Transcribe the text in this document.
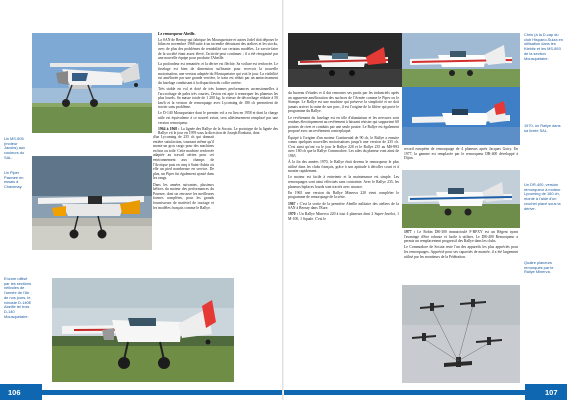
Un MS-505 (moteur Jacobs) aux couleurs du SAL.
Un Piper Pawnee en essais à Chavenay.
Encore utilisé par les sections vélivoles de l'armée de l'Air de nos jours, le robuste D-140E Abeille tel trois D-140 Mousquetaire.

d'un Lycoming de 235 ch qui donnait entière satisfaction, tournant même qu'il monte un gros cargo pour des machines en bon ou toile. Cette machine renforcée adaptée au travail aérien pour cet environnement aux champs de l'Arctique puis en cinq à Saint-Aubin où elle un pied nombreuse en service. De plus, un Piper fut également ajouté dans les rangs.

Dans les années suivantes, plusieurs hélices du moteur des performances du Pawnee, dont on retrouve les meilleures formes complètes, pour les grands fournisseurs de matériel de tractage et les modèles français comme le Rallye.

Le remorqueur Abeille.

La SAN de Bernay qui fabrique les Mousquetaire et autres Jodel doit déposer le bilan en novembre 1968 suite à un incendie détruisant des ateliers et les stocks, avec de plus des problèmes de rentabilité sur certains modèles. Le savoir-faire de la société étant assez élevé, l'activité peut continuer ; il a été réorganisé par une nouvelle équipe pour produire l'Abeille.

La profondeur est remaniée, et la dérive est fléchie. Sa voilure est renforcée. Le fuselage est bien de dimension suffisante pour recevoir la nouvelle motorisation, une version adaptée du Mousquetaire qui voit le jour. La visibilité est améliorée par une grande verrière, le train est réduit par un amincissement du fuselage conduisant à la disparition du coffre arrière.

Très stable en vol et doté de très bonnes performances ascensionnelles à l'accrochage de pales très courtes, l'avion est apte à remorquer les planeurs les plus lourds. Sa masse totale de 1 200 kg, la vitesse de décrochage réduite à 50 km/h et la version de remorquage avec Lycoming de 180 ch permettent de tracter sans problème.

Le D-140 Mousquetaire dont le premier vol a eu lieu en 1958 et dont la charge utile est équivalente à ce nouvel avion, sera ultérieurement remplacé par une version remorqueur.

1964 à 1968 : La lignée des Rallye de la Socata. Le prototype de la lignée des Rallye vit le jour en 1959 sous la direction de Joseph Ronbaut, dont

106
Chris (à la D-cap du club Hispano-Suiza en utilisation dans les Kiebitz et les MS-893 de la section Mousquetaire.
1970, un Rallye dans sa livrée SAL.
Un DR-400, version remorqueur à moteur Lycoming de 180 ch, monté à l'aide d'un crochet placé sous la dérive.
Quatre planeurs remorqués par le Rallye Minerva.

du barreau d'études et il dut remonter ses partis par les industriels après un apparente amélioration des surfaces de l'Armée comme le Piper ou le Stampe. Le Rallye est une machine qui préserve la simplicité et ne doit jamais arriver la ruine de son parc, il est l'origine de la filière qui porte le programme du Rallye.

Le revêtement du fuselage est en tôle d'aluminium et les nervures sont rendues électriquement au revêtement à laissant résister qui supportent 60 pointes de rivet et conduits par une seule poutre. Le Rallye est également proposé avec un revêtement contreplaqué.

Équipé à l'origine d'un moteur Continental de 90 ch, le Rallye a ensuite connu quelques nouvelles motorisations jusqu'à une version de 235 ch. C'est ainsi qu'ont vu le jour le Rallye 220 et le Rallye 235 au MS-893 avec 180 ch que la Rallye Commodore. Les ailes du planeur vont ainsi de 1965.

À la fin des années 1970, le Rallye était devenu le remorqueur le plus utilisé dans les clubs français, grâce à son aptitude à décoller court et à monter rapidement.

Le moteur est facile à entretenir et la maintenance est simple. Les remorquages sont ainsi effectués sans contrainte. Avec le Rallye 235, les planeurs biplaces lourds sont tractés avec aisance.

En 1965 une version du Rallye Minerva 220 vient compléter le programme de remorquage de la série.

1967 : C'est la sortie de la première Abeille militaire des ateliers de la SAN à Bernay dans l'Eure.

1970 : Un Rallye Minerva 220 à tout 4 planeurs dont 2 Super-Javelot, 1 M-100, 1 Squale. C'est le

record européen de remorquage de 4 planeurs après Jacques Gotry. En 1977, la gamme est remplacée par le remorqueur DR-400 développé à Dijon.

1977 : Le Robin DR-300 immatriculé F-BPXY est un Régent ayant l'avantage d'être robuste et facile à utiliser. Le DR-400 Remorqueur a permis un remplacement progressif des Rallye dans les clubs.

Le Commodore de Socata reste l'un des appareils les plus appréciés pour les remorquages. Apprécié pour ses capacités de montée, il a été largement utilisé par les moniteurs de la Fédération.

107
